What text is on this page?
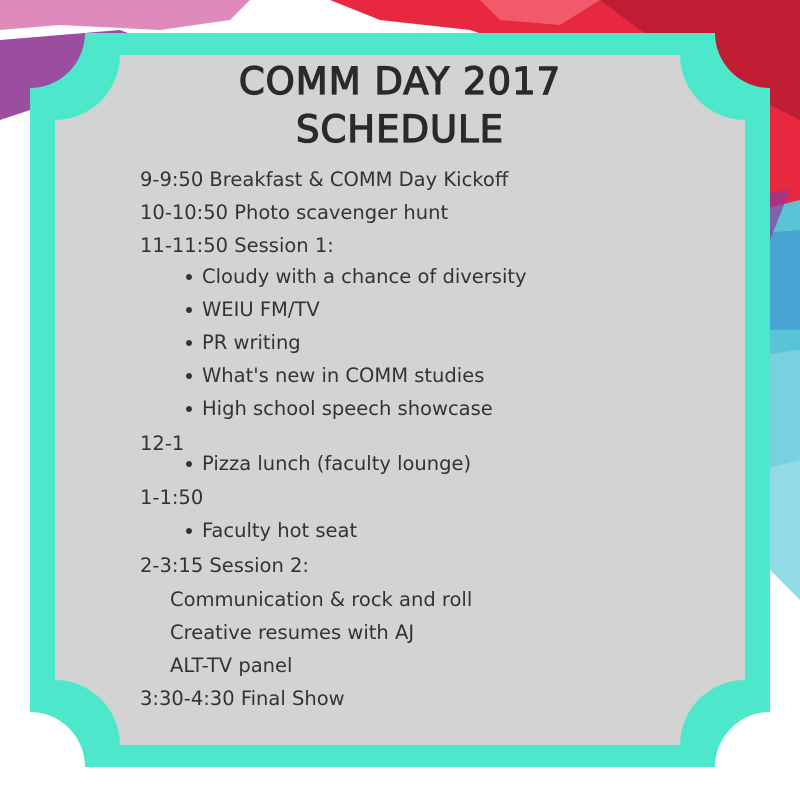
COMM DAY 2017
SCHEDULE
9-9:50 Breakfast & COMM Day Kickoff
10-10:50 Photo scavenger hunt
11-11:50 Session 1:
Cloudy with a chance of diversity
WEIU FM/TV
PR writing
What's new in COMM studies
High school speech showcase
12-1
Pizza lunch (faculty lounge)
1-1:50
Faculty hot seat
2-3:15 Session 2:
Communication & rock and roll
Creative resumes with AJ
ALT-TV panel
3:30-4:30 Final Show
